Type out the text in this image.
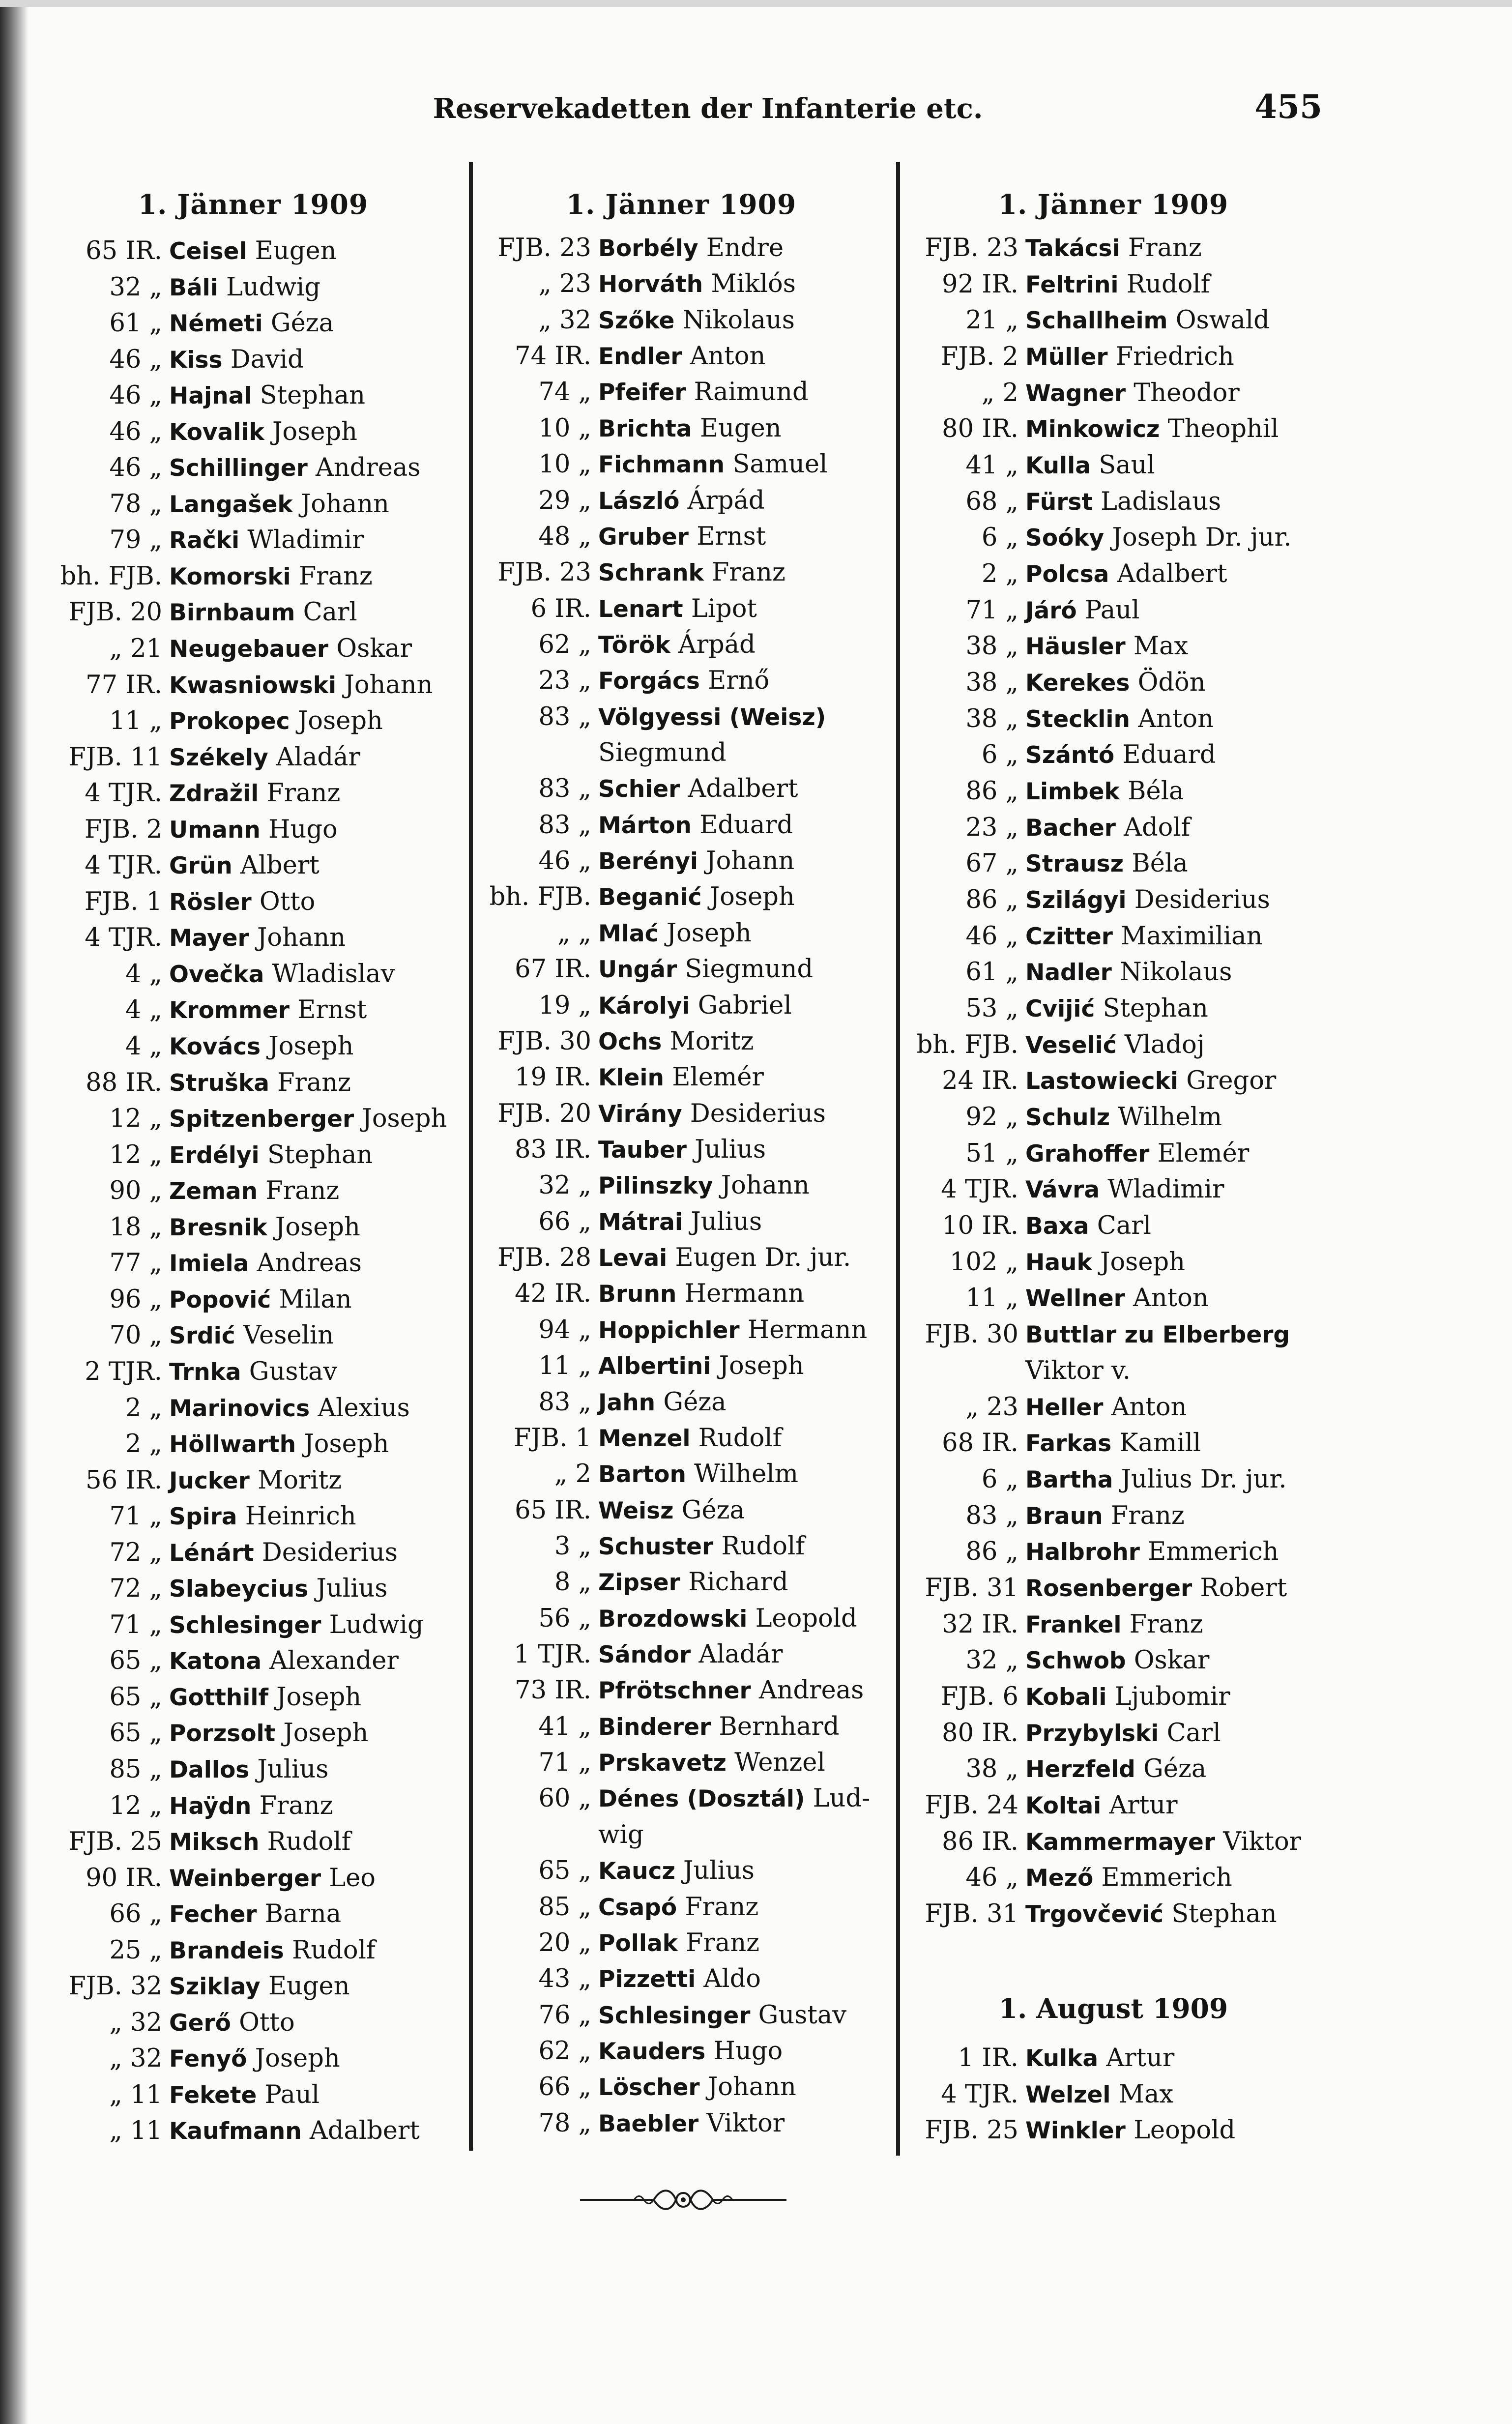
Reservekadetten der Infanterie etc.	455
1. Jänner 1909
65 IR. Ceisel Eugen
32 „ Báli Ludwig
61 „ Németi Géza
46 „ Kiss David
46 „ Hajnal Stephan
46 „ Kovalik Joseph
46 „ Schillinger Andreas
78 „ Langašek Johann
79 „ Rački Wladimir
bh. FJB. Komorski Franz
FJB. 20 Birnbaum Carl
„ 21 Neugebauer Oskar
77 IR. Kwasniowski Johann
11 „ Prokopec Joseph
FJB. 11 Székely Aladár
4 TJR. Zdražil Franz
FJB. 2 Umann Hugo
4 TJR. Grün Albert
FJB. 1 Rösler Otto
4 TJR. Mayer Johann
4 „ Ovečka Wladislav
4 „ Krommer Ernst
4 „ Kovács Joseph
88 IR. Struška Franz
12 „ Spitzenberger Joseph
12 „ Erdélyi Stephan
90 „ Zeman Franz
18 „ Bresnik Joseph
77 „ Imiela Andreas
96 „ Popović Milan
70 „ Srdić Veselin
2 TJR. Trnka Gustav
2 „ Marinovics Alexius
2 „ Höllwarth Joseph
56 IR. Jucker Moritz
71 „ Spira Heinrich
72 „ Lénárt Desiderius
72 „ Slabeycius Julius
71 „ Schlesinger Ludwig
65 „ Katona Alexander
65 „ Gotthilf Joseph
65 „ Porzsolt Joseph
85 „ Dallos Julius
12 „ Haÿdn Franz
FJB. 25 Miksch Rudolf
90 IR. Weinberger Leo
66 „ Fecher Barna
25 „ Brandeis Rudolf
FJB. 32 Sziklay Eugen
„ 32 Gerő Otto
„ 32 Fenyő Joseph
„ 11 Fekete Paul
„ 11 Kaufmann Adalbert
1. Jänner 1909
FJB. 23 Borbély Endre
„ 23 Horváth Miklós
„ 32 Szőke Nikolaus
74 IR. Endler Anton
74 „ Pfeifer Raimund
10 „ Brichta Eugen
10 „ Fichmann Samuel
29 „ László Árpád
48 „ Gruber Ernst
FJB. 23 Schrank Franz
6 IR. Lenart Lipot
62 „ Török Árpád
23 „ Forgács Ernő
83 „ Völgyessi (Weisz)
Siegmund
83 „ Schier Adalbert
83 „ Márton Eduard
46 „ Berényi Johann
bh. FJB. Beganić Joseph
„ „ Mlać Joseph
67 IR. Ungár Siegmund
19 „ Károlyi Gabriel
FJB. 30 Ochs Moritz
19 IR. Klein Elemér
FJB. 20 Virány Desiderius
83 IR. Tauber Julius
32 „ Pilinszky Johann
66 „ Mátrai Julius
FJB. 28 Levai Eugen Dr. jur.
42 IR. Brunn Hermann
94 „ Hoppichler Hermann
11 „ Albertini Joseph
83 „ Jahn Géza
FJB. 1 Menzel Rudolf
„ 2 Barton Wilhelm
65 IR. Weisz Géza
3 „ Schuster Rudolf
8 „ Zipser Richard
56 „ Brozdowski Leopold
1 TJR. Sándor Aladár
73 IR. Pfrötschner Andreas
41 „ Binderer Bernhard
71 „ Prskavetz Wenzel
60 „ Dénes (Dosztál) Lud-
wig
65 „ Kaucz Julius
85 „ Csapó Franz
20 „ Pollak Franz
43 „ Pizzetti Aldo
76 „ Schlesinger Gustav
62 „ Kauders Hugo
66 „ Löscher Johann
78 „ Baebler Viktor
1. Jänner 1909
FJB. 23 Takácsi Franz
92 IR. Feltrini Rudolf
21 „ Schallheim Oswald
FJB. 2 Müller Friedrich
„ 2 Wagner Theodor
80 IR. Minkowicz Theophil
41 „ Kulla Saul
68 „ Fürst Ladislaus
6 „ Soóky Joseph Dr. jur.
2 „ Polcsa Adalbert
71 „ Járó Paul
38 „ Häusler Max
38 „ Kerekes Ödön
38 „ Stecklin Anton
6 „ Szántó Eduard
86 „ Limbek Béla
23 „ Bacher Adolf
67 „ Strausz Béla
86 „ Szilágyi Desiderius
46 „ Czitter Maximilian
61 „ Nadler Nikolaus
53 „ Cvijić Stephan
bh. FJB. Veselić Vladoj
24 IR. Lastowiecki Gregor
92 „ Schulz Wilhelm
51 „ Grahoffer Elemér
4 TJR. Vávra Wladimir
10 IR. Baxa Carl
102 „ Hauk Joseph
11 „ Wellner Anton
FJB. 30 Buttlar zu Elberberg
Viktor v.
„ 23 Heller Anton
68 IR. Farkas Kamill
6 „ Bartha Julius Dr. jur.
83 „ Braun Franz
86 „ Halbrohr Emmerich
FJB. 31 Rosenberger Robert
32 IR. Frankel Franz
32 „ Schwob Oskar
FJB. 6 Kobali Ljubomir
80 IR. Przybylski Carl
38 „ Herzfeld Géza
FJB. 24 Koltai Artur
86 IR. Kammermayer Viktor
46 „ Mező Emmerich
FJB. 31 Trgovčević Stephan
1. August 1909
1 IR. Kulka Artur
4 TJR. Welzel Max
FJB. 25 Winkler Leopold
